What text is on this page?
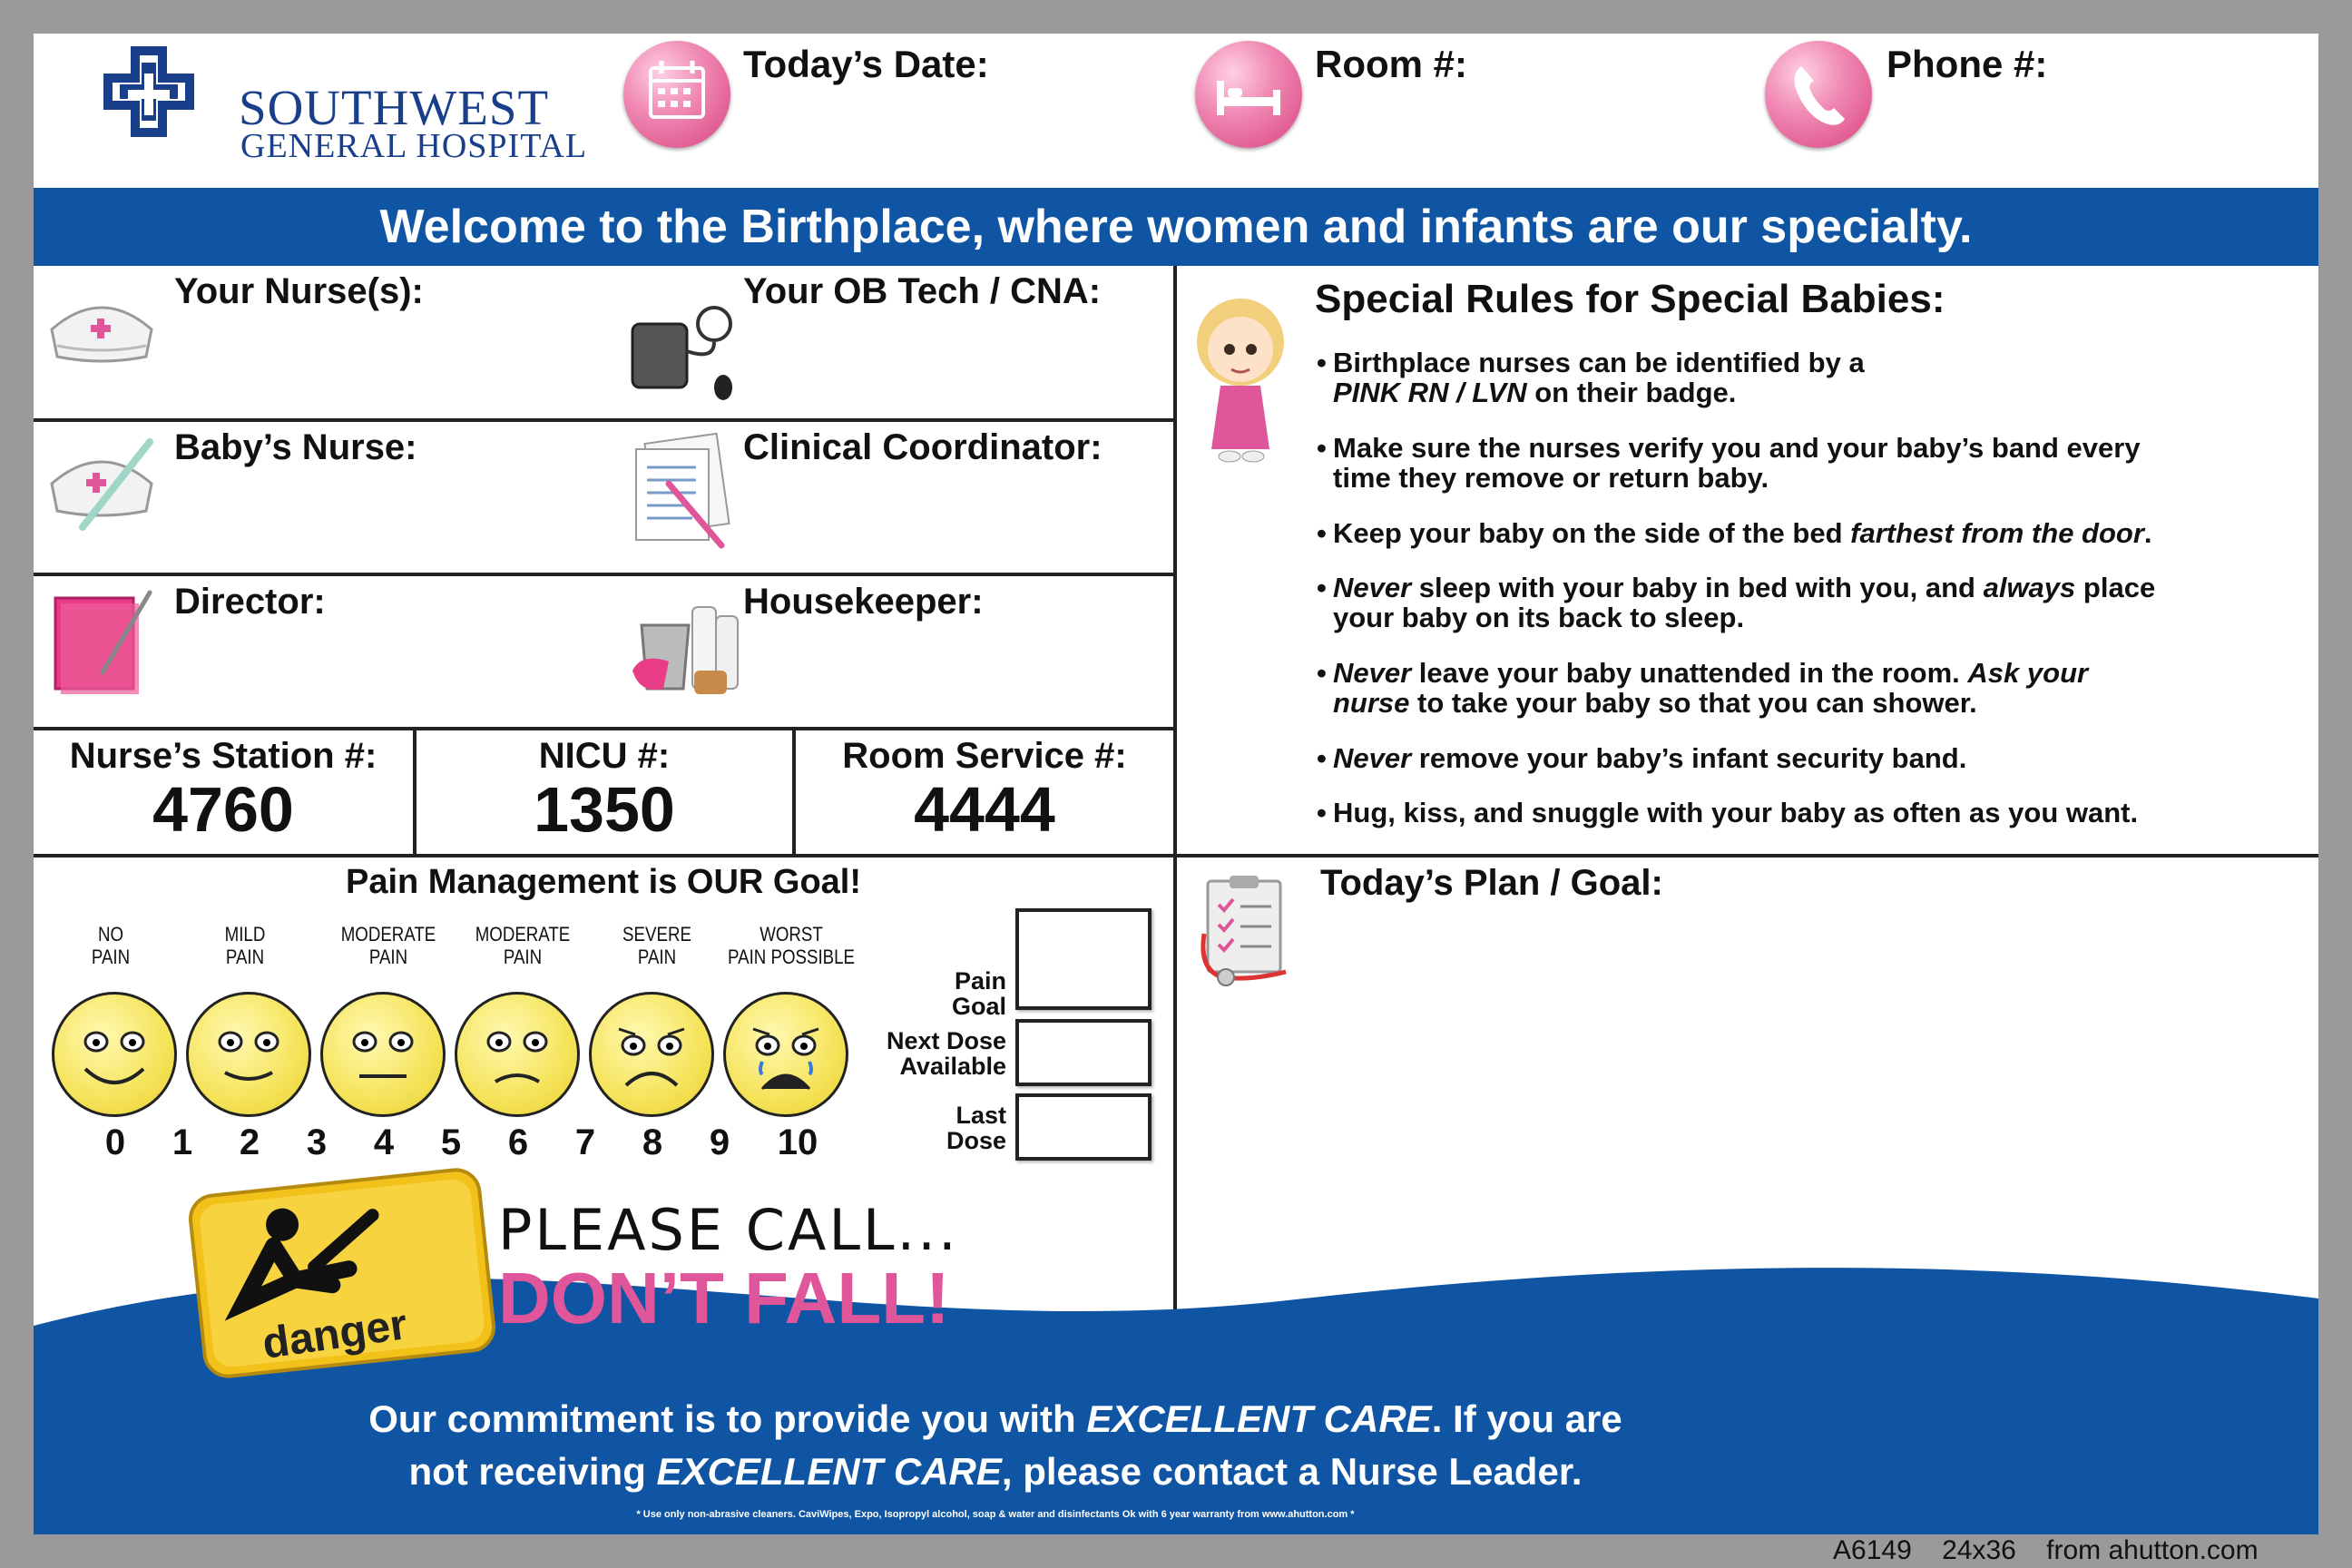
SOUTHWEST
GENERAL HOSPITAL
Today’s Date:	Room #:	Phone #:
Welcome to the Birthplace, where women and infants are our specialty.
Your Nurse(s):	Your OB Tech / CNA:
Baby’s Nurse:	Clinical Coordinator:
Director:	Housekeeper:
Nurse’s Station #:
4760
NICU #:
1350
Room Service #:
4444
Special Rules for Special Babies:
• Birthplace nurses can be identified by a
PINK RN / LVN on their badge.
• Make sure the nurses verify you and your baby’s band every
time they remove or return baby.
• Keep your baby on the side of the bed farthest from the door.
• Never sleep with your baby in bed with you, and always place
your baby on its back to sleep.
• Never leave your baby unattended in the room. Ask your
nurse to take your baby so that you can shower.
• Never remove your baby’s infant security band.
• Hug, kiss, and snuggle with your baby as often as you want.
Pain Management is OUR Goal!
NO
PAIN
MILD
PAIN
MODERATE
PAIN
MODERATE
PAIN
SEVERE
PAIN
WORST
PAIN POSSIBLE
0 1 2 3 4 5 6 7 8 9 10
Pain
Goal
Next Dose
Available
Last
Dose
Today’s Plan / Goal:
danger
PLEASE CALL...
DON’T FALL!
Our commitment is to provide you with EXCELLENT CARE. If you are
not receiving EXCELLENT CARE, please contact a Nurse Leader.
* Use only non-abrasive cleaners. CaviWipes, Expo, Isopropyl alcohol, soap & water and disinfectants Ok with 6 year warranty from www.ahutton.com *
A6149    24x36    from ahutton.com
